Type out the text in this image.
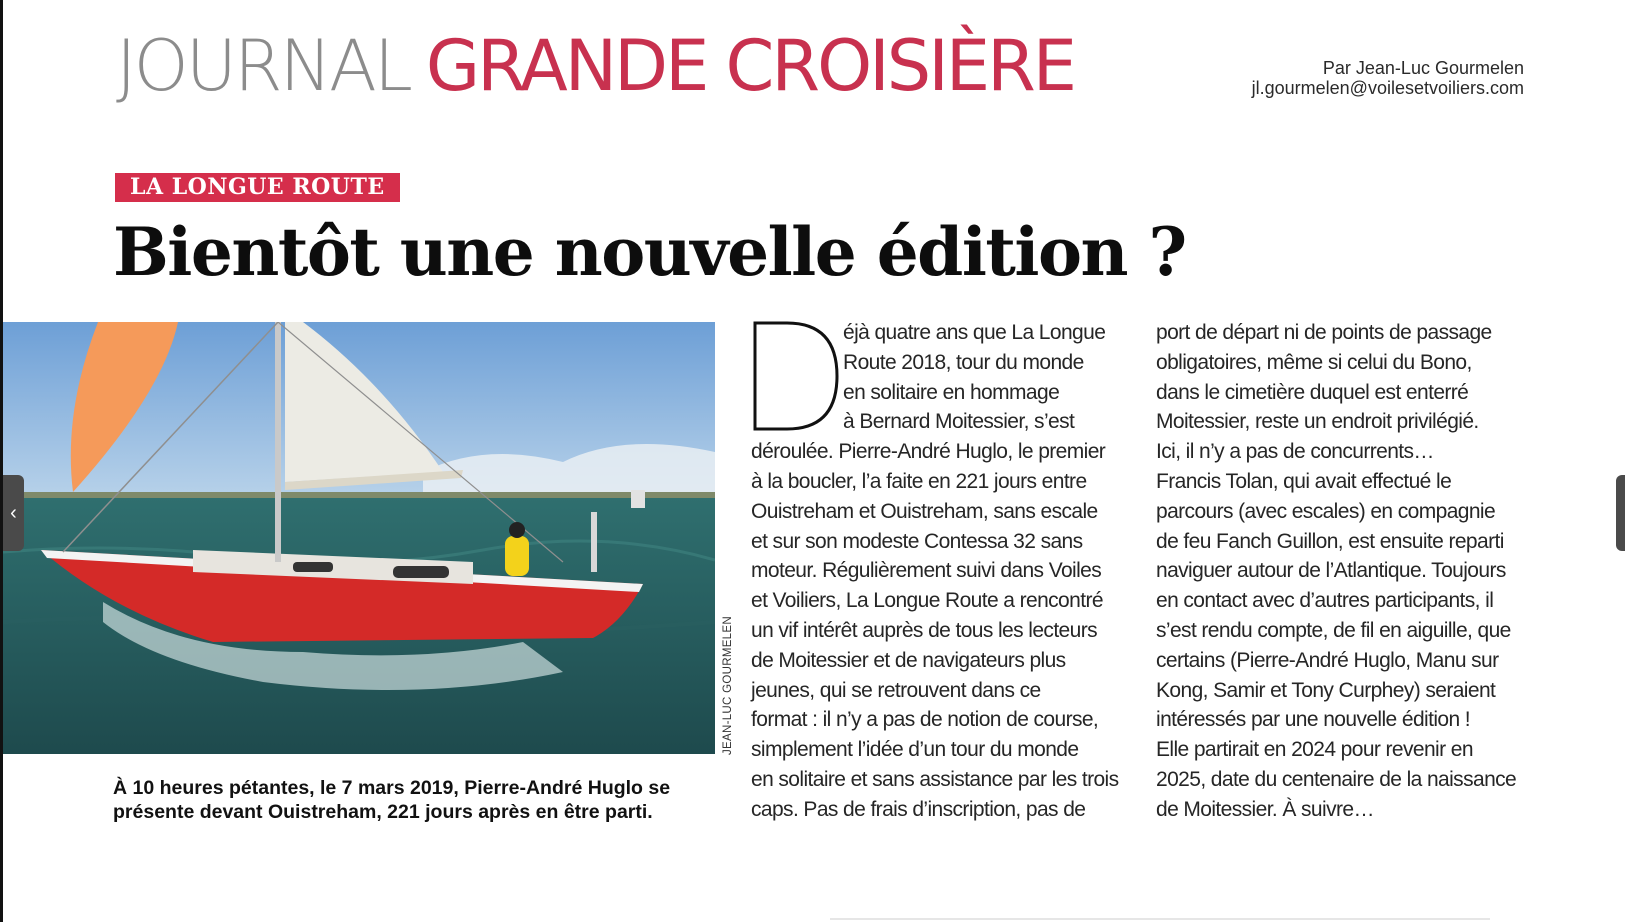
JOURNAL GRANDE CROISIÈRE	Par Jean-Luc Gourmelen
jl.gourmelen@voilesetvoiliers.com
LA LONGUE ROUTE
Bientôt une nouvelle édition ?
‹
JEAN-LUC GOURMELEN
À 10 heures pétantes, le 7 mars 2019, Pierre-André Huglo se
présente devant Ouistreham, 221 jours après en être parti.
éjà quatre ans que La Longue
Route 2018, tour du monde
en solitaire en hommage
à Bernard Moitessier, s’est
déroulée. Pierre-André Huglo, le premier
à la boucler, l’a faite en 221 jours entre
Ouistreham et Ouistreham, sans escale
et sur son modeste Contessa 32 sans
moteur. Régulièrement suivi dans Voiles
et Voiliers, La Longue Route a rencontré
un vif intérêt auprès de tous les lecteurs
de Moitessier et de navigateurs plus
jeunes, qui se retrouvent dans ce
format : il n’y a pas de notion de course,
simplement l’idée d’un tour du monde
en solitaire et sans assistance par les trois
caps. Pas de frais d’inscription, pas de
port de départ ni de points de passage
obligatoires, même si celui du Bono,
dans le cimetière duquel est enterré
Moitessier, reste un endroit privilégié.
Ici, il n’y a pas de concurrents…
Francis Tolan, qui avait effectué le
parcours (avec escales) en compagnie
de feu Fanch Guillon, est ensuite reparti
naviguer autour de l’Atlantique. Toujours
en contact avec d’autres participants, il
s’est rendu compte, de fil en aiguille, que
certains (Pierre-André Huglo, Manu sur
Kong, Samir et Tony Curphey) seraient
intéressés par une nouvelle édition !
Elle partirait en 2024 pour revenir en
2025, date du centenaire de la naissance
de Moitessier. À suivre…
